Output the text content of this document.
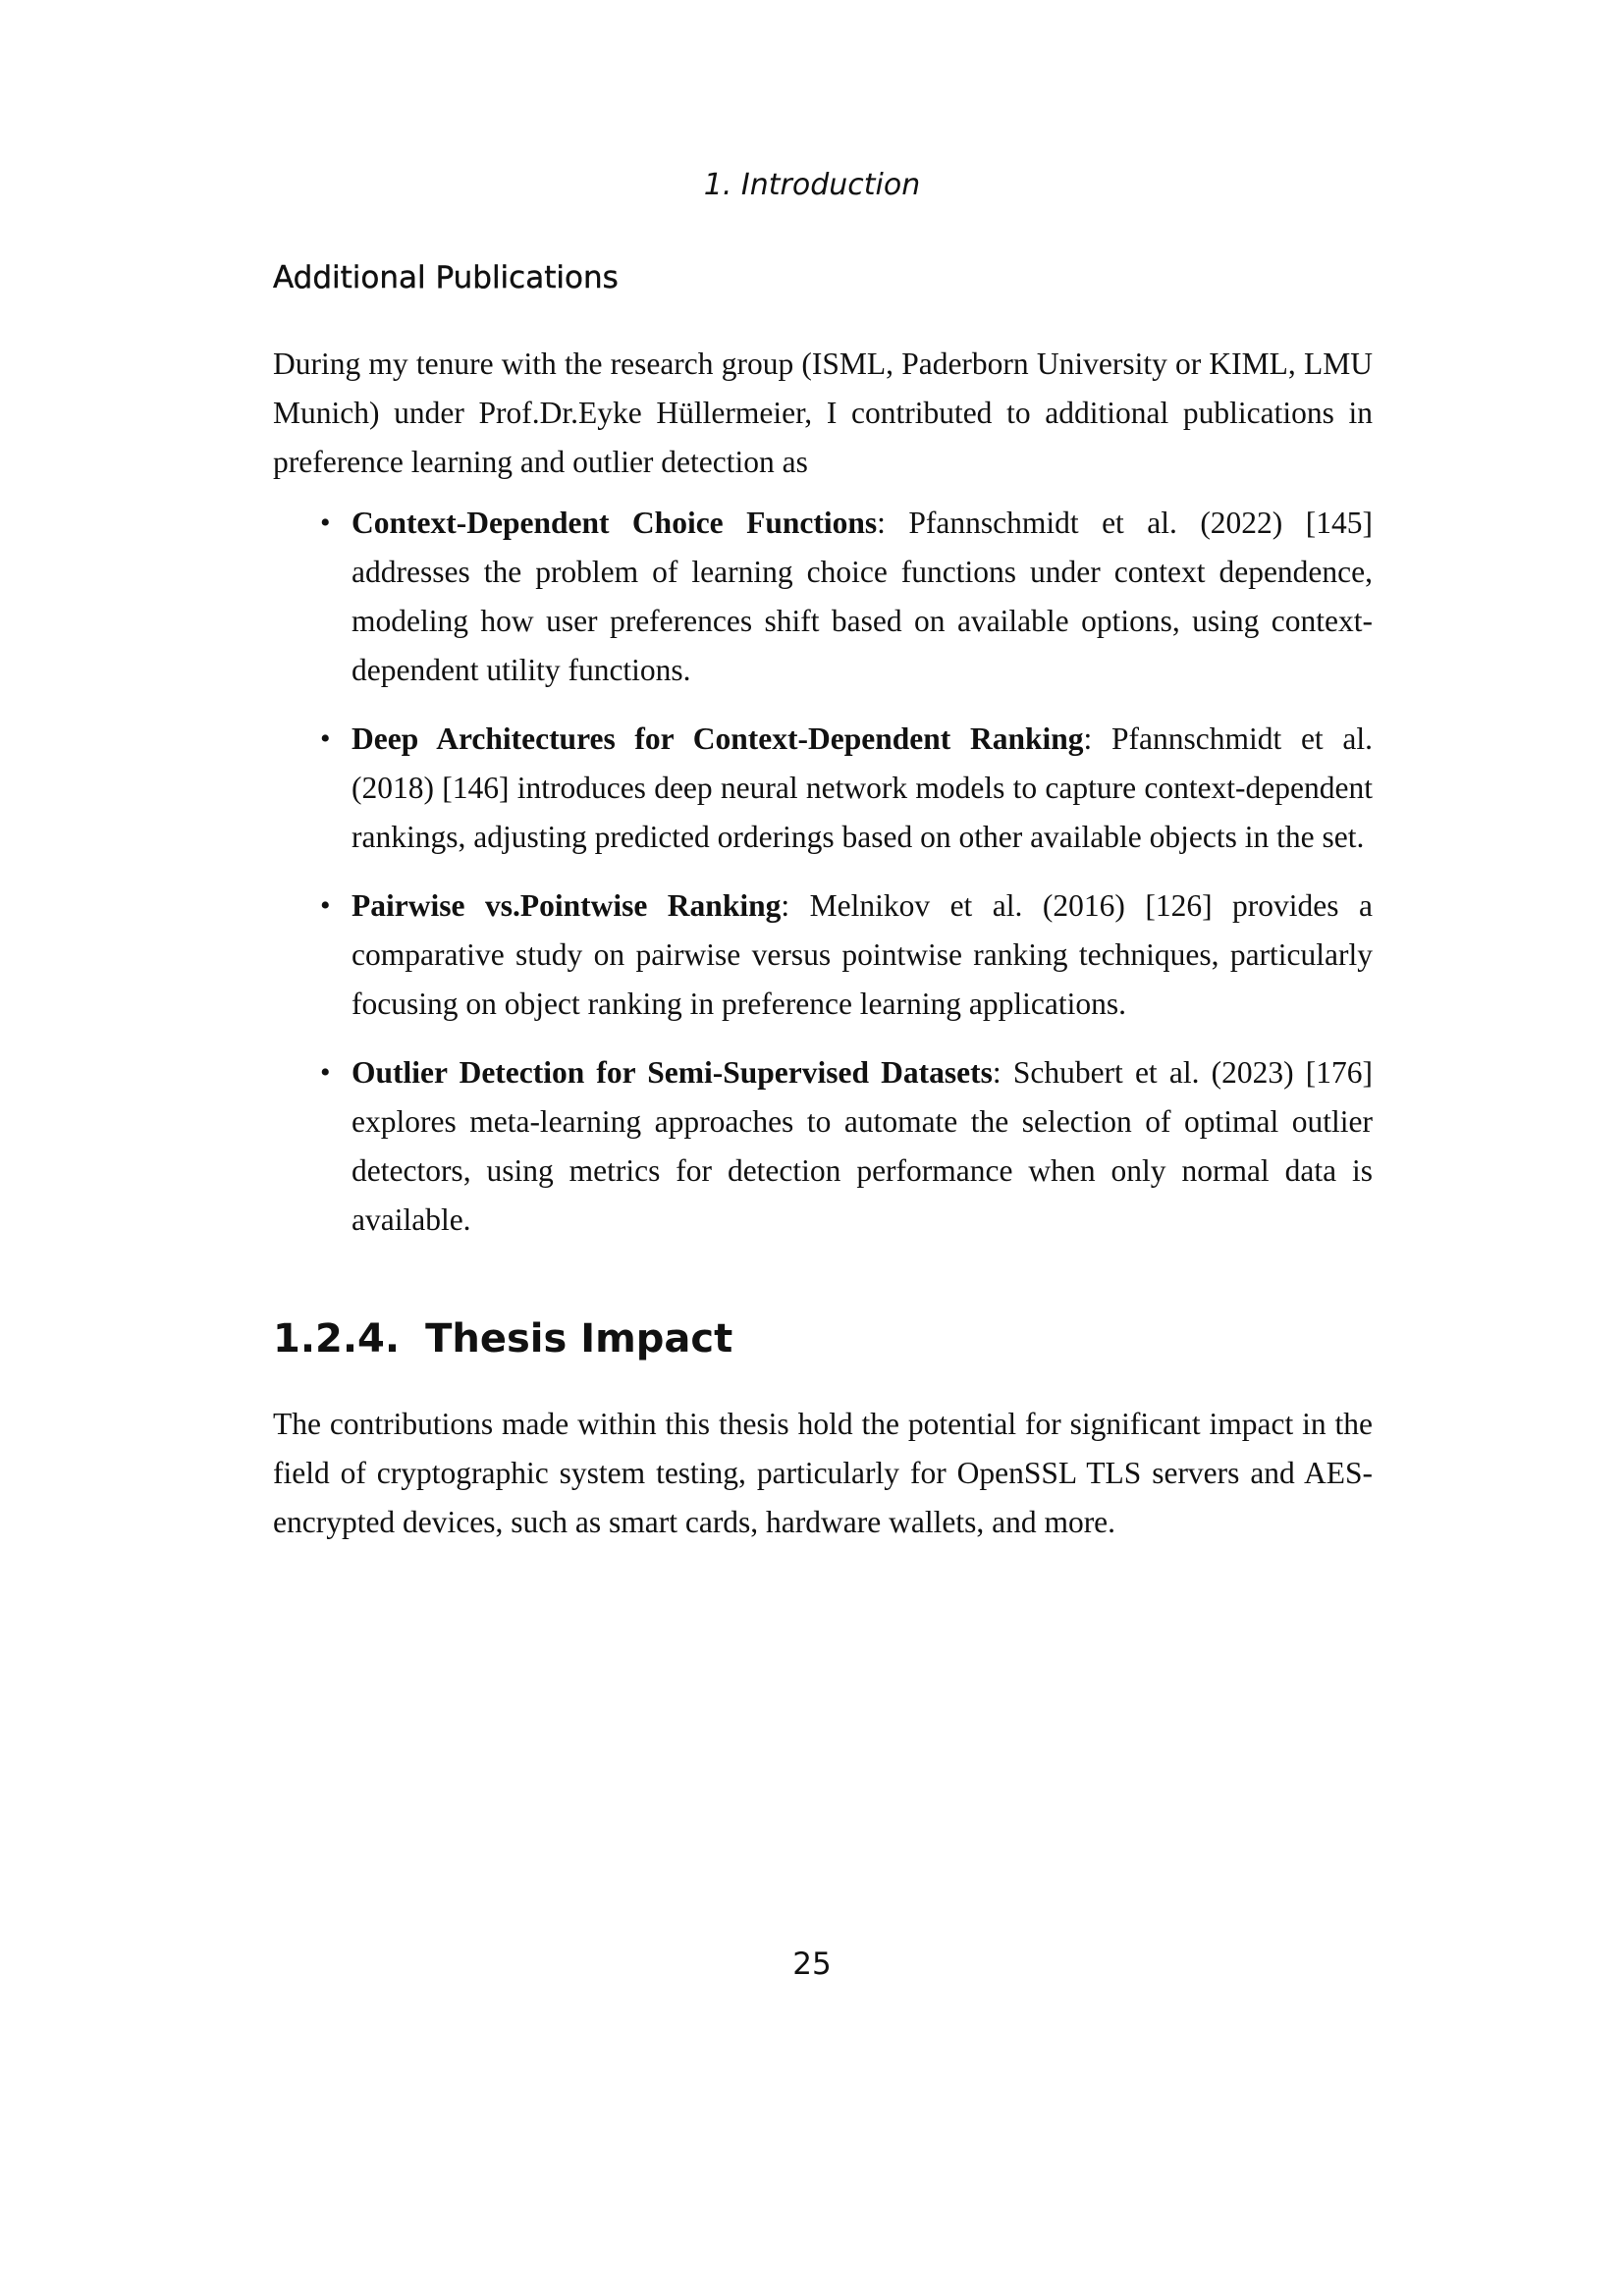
1. Introduction
Additional Publications

During my tenure with the research group (ISML, Paderborn University or KIML, LMU Munich) under Prof.Dr.Eyke Hüllermeier, I contributed to additional publications in preference learning and outlier detection as

• Context-Dependent Choice Functions: Pfannschmidt et al. (2022) [145] addresses the problem of learning choice functions under context dependence, modeling how user preferences shift based on available options, using context-dependent utility functions.
• Deep Architectures for Context-Dependent Ranking: Pfannschmidt et al. (2018) [146] introduces deep neural network models to capture context-dependent rankings, adjusting predicted orderings based on other available objects in the set.
• Pairwise vs.Pointwise Ranking: Melnikov et al. (2016) [126] provides a comparative study on pairwise versus pointwise ranking techniques, particularly focusing on object ranking in preference learning applications.
• Outlier Detection for Semi-Supervised Datasets: Schubert et al. (2023) [176] explores meta-learning approaches to automate the selection of optimal outlier detectors, using metrics for detection performance when only normal data is available.
1.2.4. Thesis Impact

The contributions made within this thesis hold the potential for significant impact in the field of cryptographic system testing, particularly for OpenSSL TLS servers and AES-encrypted devices, such as smart cards, hardware wallets, and more.

25
